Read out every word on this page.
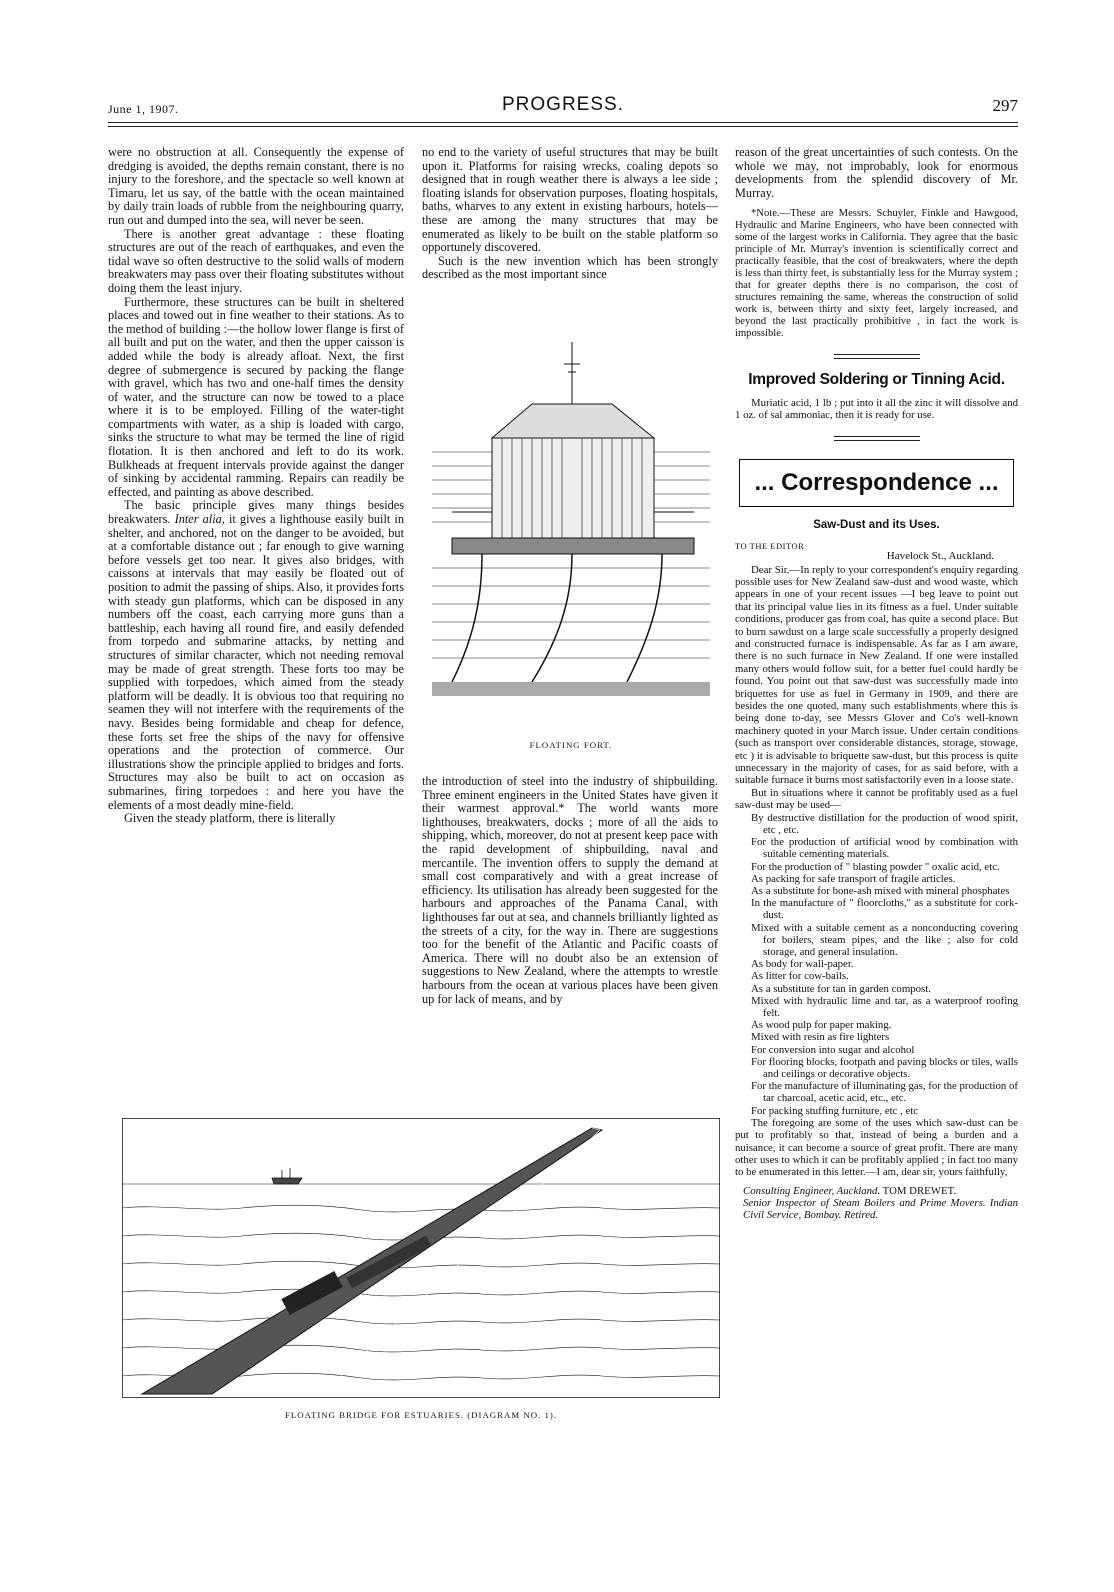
June 1, 1907.	PROGRESS.	297

were no obstruction at all. Consequently the expense of dredging is avoided, the depths remain constant, there is no injury to the foreshore, and the spectacle so well known at Timaru, let us say, of the battle with the ocean maintained by daily train loads of rubble from the neighbouring quarry, run out and dumped into the sea, will never be seen.

There is another great advantage : these floating structures are out of the reach of earthquakes, and even the tidal wave so often destructive to the solid walls of modern breakwaters may pass over their floating substitutes without doing them the least injury.

Furthermore, these structures can be built in sheltered places and towed out in fine weather to their stations. As to the method of building :—the hollow lower flange is first of all built and put on the water, and then the upper caisson is added while the body is already afloat. Next, the first degree of submergence is secured by packing the flange with gravel, which has two and one-half times the density of water, and the structure can now be towed to a place where it is to be employed. Filling of the water-tight compartments with water, as a ship is loaded with cargo, sinks the structure to what may be termed the line of rigid flotation. It is then anchored and left to do its work. Bulkheads at frequent intervals provide against the danger of sinking by accidental ramming. Repairs can readily be effected, and painting as above described.

The basic principle gives many things besides breakwaters. Inter alia, it gives a lighthouse easily built in shelter, and anchored, not on the danger to be avoided, but at a comfortable distance out ; far enough to give warning before vessels get too near. It gives also bridges, with caissons at intervals that may easily be floated out of position to admit the passing of ships. Also, it provides forts with steady gun platforms, which can be disposed in any numbers off the coast, each carrying more guns than a battleship, each having all round fire, and easily defended from torpedo and submarine attacks, by netting and structures of similar character, which not needing removal may be made of great strength. These forts too may be supplied with torpedoes, which aimed from the steady platform will be deadly. It is obvious too that requiring no seamen they will not interfere with the requirements of the navy. Besides being formidable and cheap for defence, these forts set free the ships of the navy for offensive operations and the protection of commerce. Our illustrations show the principle applied to bridges and forts. Structures may also be built to act on occasion as submarines, firing torpedoes : and here you have the elements of a most deadly mine-field.

Given the steady platform, there is literally

no end to the variety of useful structures that may be built upon it. Platforms for raising wrecks, coaling depots so designed that in rough weather there is always a lee side ; floating islands for observation purposes, floating hospitals, baths, wharves to any extent in existing harbours, hotels—these are among the many structures that may be enumerated as likely to be built on the stable platform so opportunely discovered.

Such is the new invention which has been strongly described as the most important since

FLOATING FORT.

the introduction of steel into the industry of shipbuilding. Three eminent engineers in the United States have given it their warmest approval.* The world wants more lighthouses, breakwaters, docks ; more of all the aids to shipping, which, moreover, do not at present keep pace with the rapid development of shipbuilding, naval and mercantile. The invention offers to supply the demand at small cost comparatively and with a great increase of efficiency. Its utilisation has already been suggested for the harbours and approaches of the Panama Canal, with lighthouses far out at sea, and channels brilliantly lighted as the streets of a city, for the way in. There are suggestions too for the benefit of the Atlantic and Pacific coasts of America. There will no doubt also be an extension of suggestions to New Zealand, where the attempts to wrestle harbours from the ocean at various places have been given up for lack of means, and by

FLOATING BRIDGE FOR ESTUARIES. (DIAGRAM NO. 1).

reason of the great uncertainties of such contests. On the whole we may, not improbably, look for enormous developments from the splendid discovery of Mr. Murray.

*Note.—These are Messrs. Schuyler, Finkle and Hawgood, Hydraulic and Marine Engineers, who have been connected with some of the largest works in California. They agree that the basic principle of Mr. Murray's invention is scientifically correct and practically feasible, that the cost of breakwaters, where the depth is less than thirty feet, is substantially less for the Murray system ; that for greater depths there is no comparison, the cost of structures remaining the same, whereas the construction of solid work is, between thirty and sixty feet, largely increased, and beyond the last practically prohibitive , in fact the work is impossible.

Improved Soldering or Tinning Acid.

Muriatic acid, 1 lb ; put into it all the zinc it will dissolve and 1 oz. of sal ammoniac, then it is ready for use.

... Correspondence ...
Saw-Dust and its Uses.
TO THE EDITOR
Havelock St., Auckland.

Dear Sir.—In reply to your correspondent's enquiry regarding possible uses for New Zealand saw-dust and wood waste, which appears in one of your recent issues —I beg leave to point out that its principal value lies in its fitness as a fuel. Under suitable conditions, producer gas from coal, has quite a second place. But to burn sawdust on a large scale successfully a properly designed and constructed furnace is indispensable. As far as I am aware, there is no such furnace in New Zealand. If one were installed many others would follow suit, for a better fuel could hardly be found. You point out that saw-dust was successfully made into briquettes for use as fuel in Germany in 1909, and there are besides the one quoted, many such establishments where this is being done to-day, see Messrs Glover and Co's well-known machinery quoted in your March issue. Under certain conditions (such as transport over considerable distances, storage, stowage, etc ) it is advisable to briquette saw-dust, but this process is quite unnecessary in the majority of cases, for as said before, with a suitable furnace it burns most satisfactorily even in a loose state.

But in situations where it cannot be profitably used as a fuel saw-dust may be used—

By destructive distillation for the production of wood spirit, etc , etc.
For the production of artificial wood by combination with suitable cementing materials.
For the production of " blasting powder " oxalic acid, etc.
As packing for safe transport of fragile articles.
As a substitute for bone-ash mixed with mineral phosphates
In the manufacture of " floorcloths," as a substitute for cork-dust.
Mixed with a suitable cement as a nonconducting covering for boilers, steam pipes, and the like ; also for cold storage, and general insulation.
As body for wall-paper.
As litter for cow-bails.
As a substitute for tan in garden compost.
Mixed with hydraulic lime and tar, as a waterproof roofing felt.
As wood pulp for paper making.
Mixed with resin as fire lighters
For conversion into sugar and alcohol
For flooring blocks, footpath and paving blocks or tiles, walls and ceilings or decorative objects.
For the manufacture of illuminating gas, for the production of tar charcoal, acetic acid, etc., etc.
For packing stuffing furniture, etc , etc

The foregoing are some of the uses which saw-dust can be put to profitably so that, instead of being a burden and a nuisance, it can become a source of great profit. There are many other uses to which it can be profitably applied ; in fact too many to be enumerated in this letter.—I am, dear sir, yours faithfully,

Consulting Engineer, Auckland. TOM DREWET.
Senior Inspector of Steam Boilers and Prime Movers. Indian Civil Service, Bombay. Retired.
